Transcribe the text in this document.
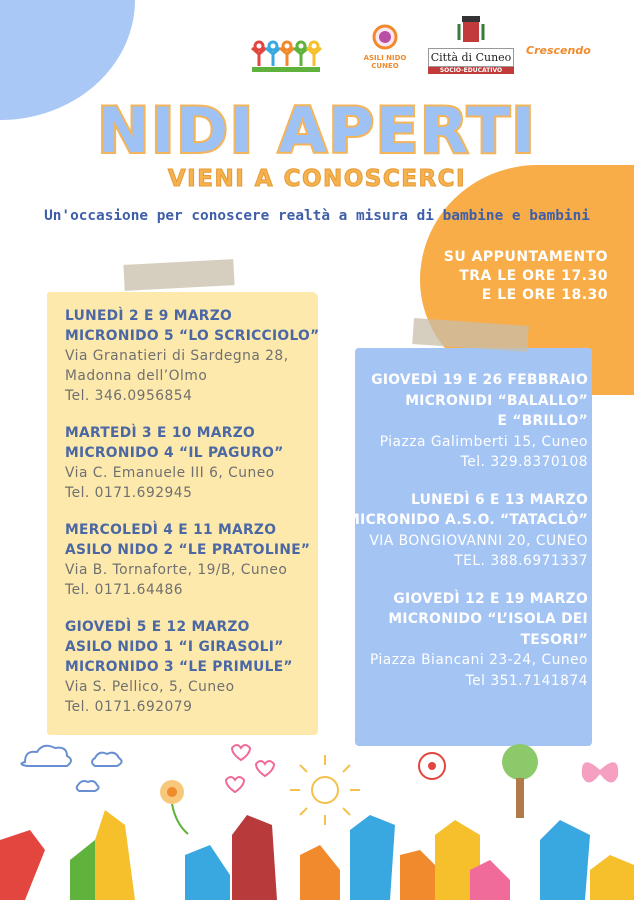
ASILI NIDO CUNEO
Città di Cuneo
SOCIO-EDUCATIVO
Crescendo
NIDI APERTI
VIENI A CONOSCERCI
Un'occasione per conoscere realtà a misura di bambine e bambini
SU APPUNTAMENTO
TRA LE ORE 17.30
E LE ORE 18.30
LUNEDÌ 2 E 9 MARZO
MICRONIDO 5 “LO SCRICCIOLO”
Via Granatieri di Sardegna 28,
Madonna dell’Olmo
Tel. 346.0956854
MARTEDÌ 3 E 10 MARZO
MICRONIDO 4 “IL PAGURO”
Via C. Emanuele III 6, Cuneo
Tel. 0171.692945
MERCOLEDÌ 4 E 11 MARZO
ASILO NIDO 2 “LE PRATOLINE”
Via B. Tornaforte, 19/B, Cuneo
Tel. 0171.64486
GIOVEDÌ 5 E 12 MARZO
ASILO NIDO 1 “I GIRASOLI”
MICRONIDO 3 “LE PRIMULE”
Via S. Pellico, 5, Cuneo
Tel. 0171.692079
GIOVEDÌ 19 E 26 FEBBRAIO
MICRONIDI “BALALLO”
E “BRILLO”
Piazza Galimberti 15, Cuneo
Tel. 329.8370108
LUNEDÌ 6 E 13 MARZO
MICRONIDO A.S.O. “TATACLÒ”
VIA BONGIOVANNI 20, CUNEO
TEL. 388.6971337
GIOVEDÌ 12 E 19 MARZO
MICRONIDO “L’ISOLA DEI
TESORI”
Piazza Biancani 23-24, Cuneo
Tel 351.7141874
